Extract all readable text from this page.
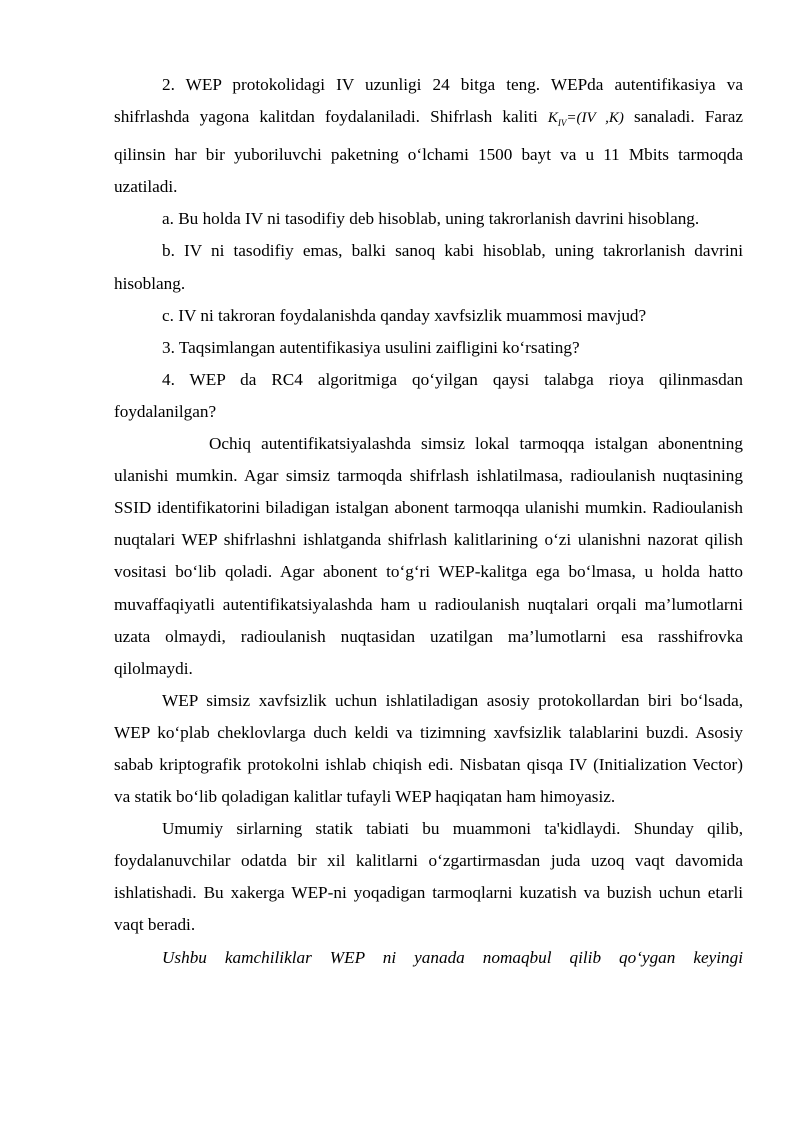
2. WEP protokolidagi IV uzunligi 24 bitga teng. WEPda autentifikasiya va shifrlashda yagona kalitdan foydalaniladi. Shifrlash kaliti $K_{IV}=(IV$ ,K) sanaladi. Faraz qilinsin har bir yuboriluvchi paketning o‘lchami 1500 bayt va u 11 Mbits tarmoqda uzatiladi.

a. Bu holda IV ni tasodifiy deb hisoblab, uning takrorlanish davrini hisoblang.

b. IV ni tasodifiy emas, balki sanoq kabi hisoblab, uning takrorlanish davrini hisoblang.

c. IV ni takroran foydalanishda qanday xavfsizlik muammosi mavjud?

3. Taqsimlangan autentifikasiya usulini zaifligini ko‘rsating?

4. WEP da RC4 algoritmiga qo‘yilgan qaysi talabga rioya qilinmasdan foydalanilgan?

Ochiq autentifikatsiyalashda simsiz lokal tarmoqqa istalgan abonentning ulanishi mumkin. Agar simsiz tarmoqda shifrlash ishlatilmasa, radioulanish nuqtasining SSID identifikatorini biladigan istalgan abonent tarmoqqa ulanishi mumkin. Radioulanish nuqtalari WEP shifrlashni ishlatganda shifrlash kalitlarining o‘zi ulanishni nazorat qilish vositasi bo‘lib qoladi. Agar abonent to‘g‘ri WEP-kalitga ega bo‘lmasa, u holda hatto muvaffaqiyatli autentifikatsiyalashda ham u radioulanish nuqtalari orqali ma’lumotlarni uzata olmaydi, radioulanish nuqtasidan uzatilgan ma’lumotlarni esa rasshifrovka qilolmaydi.

WEP simsiz xavfsizlik uchun ishlatiladigan asosiy protokollardan biri bo‘lsada, WEP ko‘plab cheklovlarga duch keldi va tizimning xavfsizlik talablarini buzdi. Asosiy sabab kriptografik protokolni ishlab chiqish edi. Nisbatan qisqa IV (Initialization Vector) va statik bo‘lib qoladigan kalitlar tufayli WEP haqiqatan ham himoyasiz.

Umumiy sirlarning statik tabiati bu muammoni ta'kidlaydi. Shunday qilib, foydalanuvchilar odatda bir xil kalitlarni o‘zgartirmasdan juda uzoq vaqt davomida ishlatishadi. Bu xakerga WEP-ni yoqadigan tarmoqlarni kuzatish va buzish uchun etarli vaqt beradi.

Ushbu kamchiliklar WEP ni yanada nomaqbul qilib qo‘ygan keyingi
